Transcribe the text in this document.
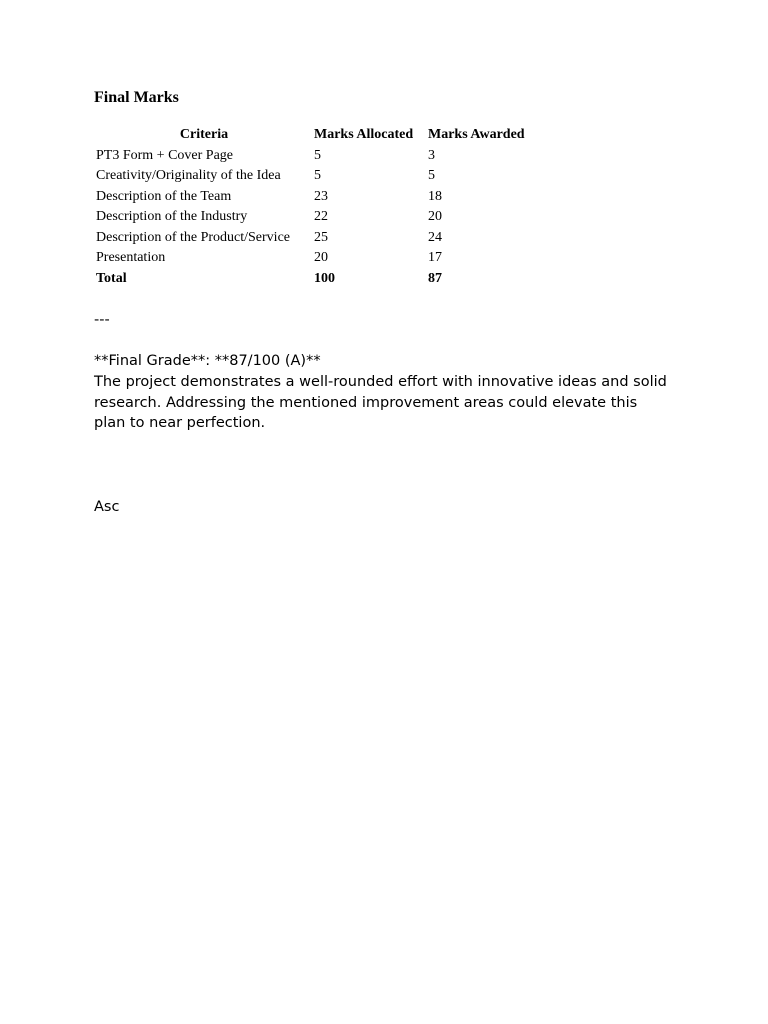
Final Marks
Criteria	Marks Allocated	Marks Awarded
PT3 Form + Cover Page	5	3
Creativity/Originality of the Idea	5	5
Description of the Team	23	18
Description of the Industry	22	20
Description of the Product/Service	25	24
Presentation	20	17
Total	100	87

---

**Final Grade**: **87/100 (A)**

The project demonstrates a well-rounded effort with innovative ideas and solid
research. Addressing the mentioned improvement areas could elevate this
plan to near perfection.

Asc
